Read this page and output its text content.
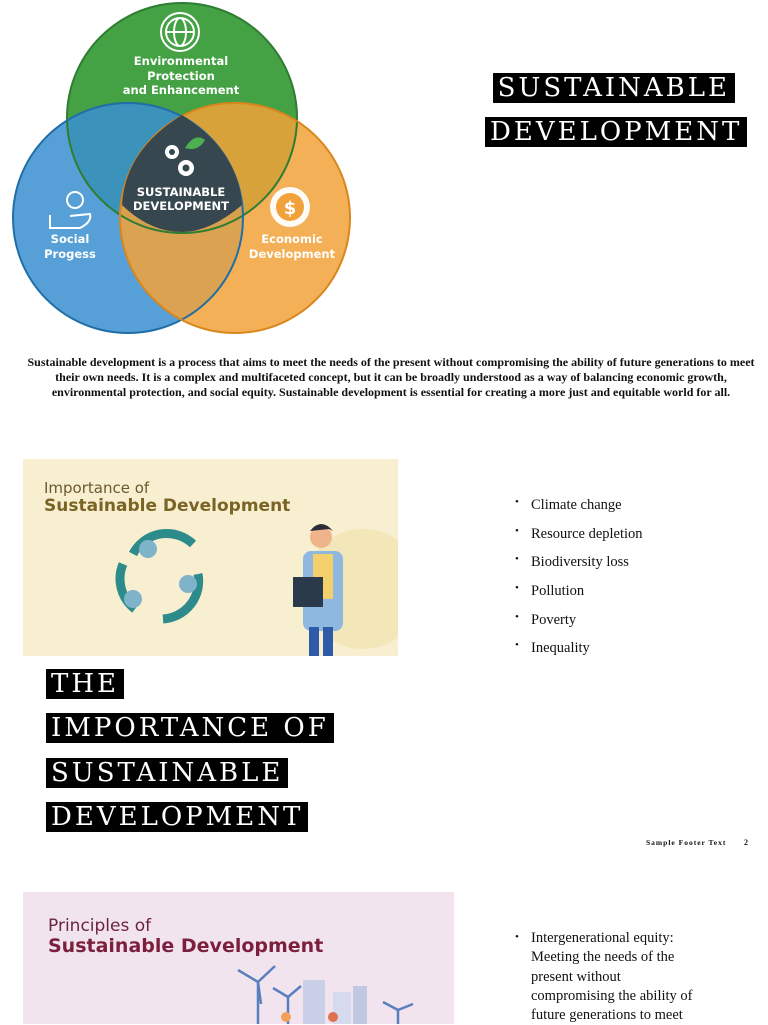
$
Environmental
Protection
and Enhancement
Social
Progess
Economic
Development
SUSTAINABLE
DEVELOPMENT
SUSTAINABLE
DEVELOPMENT

Sustainable development is a process that aims to meet the needs of the present without compromising the ability of future generations to meet their own needs. It is a complex and multifaceted concept, but it can be broadly understood as a way of balancing economic growth, environmental protection, and social equity. Sustainable development is essential for creating a more just and equitable world for all.

Importance of
Sustainable Development	• Climate change
• Resource depletion
• Biodiversity loss
• Pollution
• Poverty
• Inequality
THE
IMPORTANCE OF
SUSTAINABLE
DEVELOPMENT
Sample Footer Text 2
Principles of
Sustainable Development	• Intergenerational equity: Meeting the needs of the present without compromising the ability of future generations to meet
